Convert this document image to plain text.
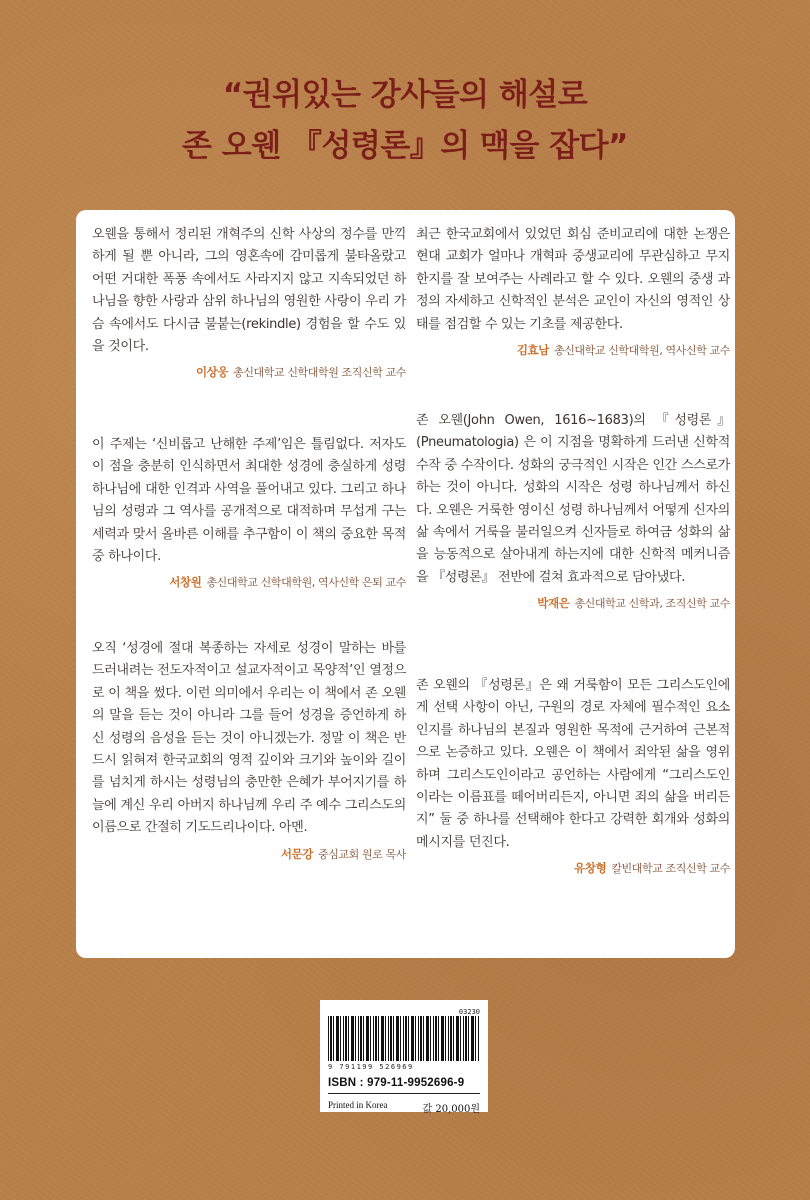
“권위있는 강사들의 해설로
존 오웬 『성령론』의 맥을 잡다”

오웬을 통해서 정리된 개혁주의 신학 사상의 정수를 만끽하게 될 뿐 아니라, 그의 영혼속에 감미롭게 불타올랐고 어떤 거대한 폭풍 속에서도 사라지지 않고 지속되었던 하나님을 향한 사랑과 삼위 하나님의 영원한 사랑이 우리 가슴 속에서도 다시금 불붙는(rekindle) 경험을 할 수도 있을 것이다.

이상웅 총신대학교 신학대학원 조직신학 교수

이 주제는 ‘신비롭고 난해한 주제’임은 틀림없다. 저자도 이 점을 충분히 인식하면서 최대한 성경에 충실하게 성령 하나님에 대한 인격과 사역을 풀어내고 있다. 그리고 하나님의 성령과 그 역사를 공개적으로 대적하며 무섭게 구는 세력과 맞서 올바른 이해를 추구함이 이 책의 중요한 목적 중 하나이다.

서창원 총신대학교 신학대학원, 역사신학 은퇴 교수

오직 ‘성경에 절대 복종하는 자세로 성경이 말하는 바를 드러내려는 전도자적이고 설교자적이고 목양적’인 열정으로 이 책을 썼다. 이런 의미에서 우리는 이 책에서 존 오웬의 말을 듣는 것이 아니라 그를 들어 성경을 증언하게 하신 성령의 음성을 듣는 것이 아니겠는가. 정말 이 책은 반드시 읽혀져 한국교회의 영적 깊이와 크기와 높이와 길이를 넘치게 하시는 성령님의 충만한 은혜가 부어지기를 하늘에 계신 우리 아버지 하나님께 우리 주 예수 그리스도의 이름으로 간절히 기도드리나이다. 아멘.

서문강 중심교회 원로 목사

최근 한국교회에서 있었던 회심 준비교리에 대한 논쟁은 현대 교회가 얼마나 개혁파 중생교리에 무관심하고 무지한지를 잘 보여주는 사례라고 할 수 있다. 오웬의 중생 과정의 자세하고 신학적인 분석은 교인이 자신의 영적인 상태를 점검할 수 있는 기초를 제공한다.

김효남 총신대학교 신학대학원, 역사신학 교수

존 오웬(John Owen, 1616~1683)의 『성령론』(Pneumatologia) 은 이 지점을 명확하게 드러낸 신학적 수작 중 수작이다. 성화의 궁극적인 시작은 인간 스스로가 하는 것이 아니다. 성화의 시작은 성령 하나님께서 하신다. 오웬은 거룩한 영이신 성령 하나님께서 어떻게 신자의 삶 속에서 거룩을 불러일으켜 신자들로 하여금 성화의 삶을 능동적으로 살아내게 하는지에 대한 신학적 메커니즘을 『성령론』 전반에 걸쳐 효과적으로 담아냈다.

박재은 총신대학교 신학과, 조직신학 교수

존 오웬의 『성령론』은 왜 거룩함이 모든 그리스도인에게 선택 사항이 아닌, 구원의 경로 자체에 필수적인 요소인지를 하나님의 본질과 영원한 목적에 근거하여 근본적으로 논증하고 있다. 오웬은 이 책에서 죄악된 삶을 영위하며 그리스도인이라고 공언하는 사람에게 “그리스도인이라는 이름표를 떼어버리든지, 아니면 죄의 삶을 버리든지” 둘 중 하나를 선택해야 한다고 강력한 회개와 성화의 메시지를 던진다.

유창형 칼빈대학교 조직신학 교수
03230
9 791199 526969
ISBN : 979-11-9952696-9
Printed in Korea	값 20,000원
